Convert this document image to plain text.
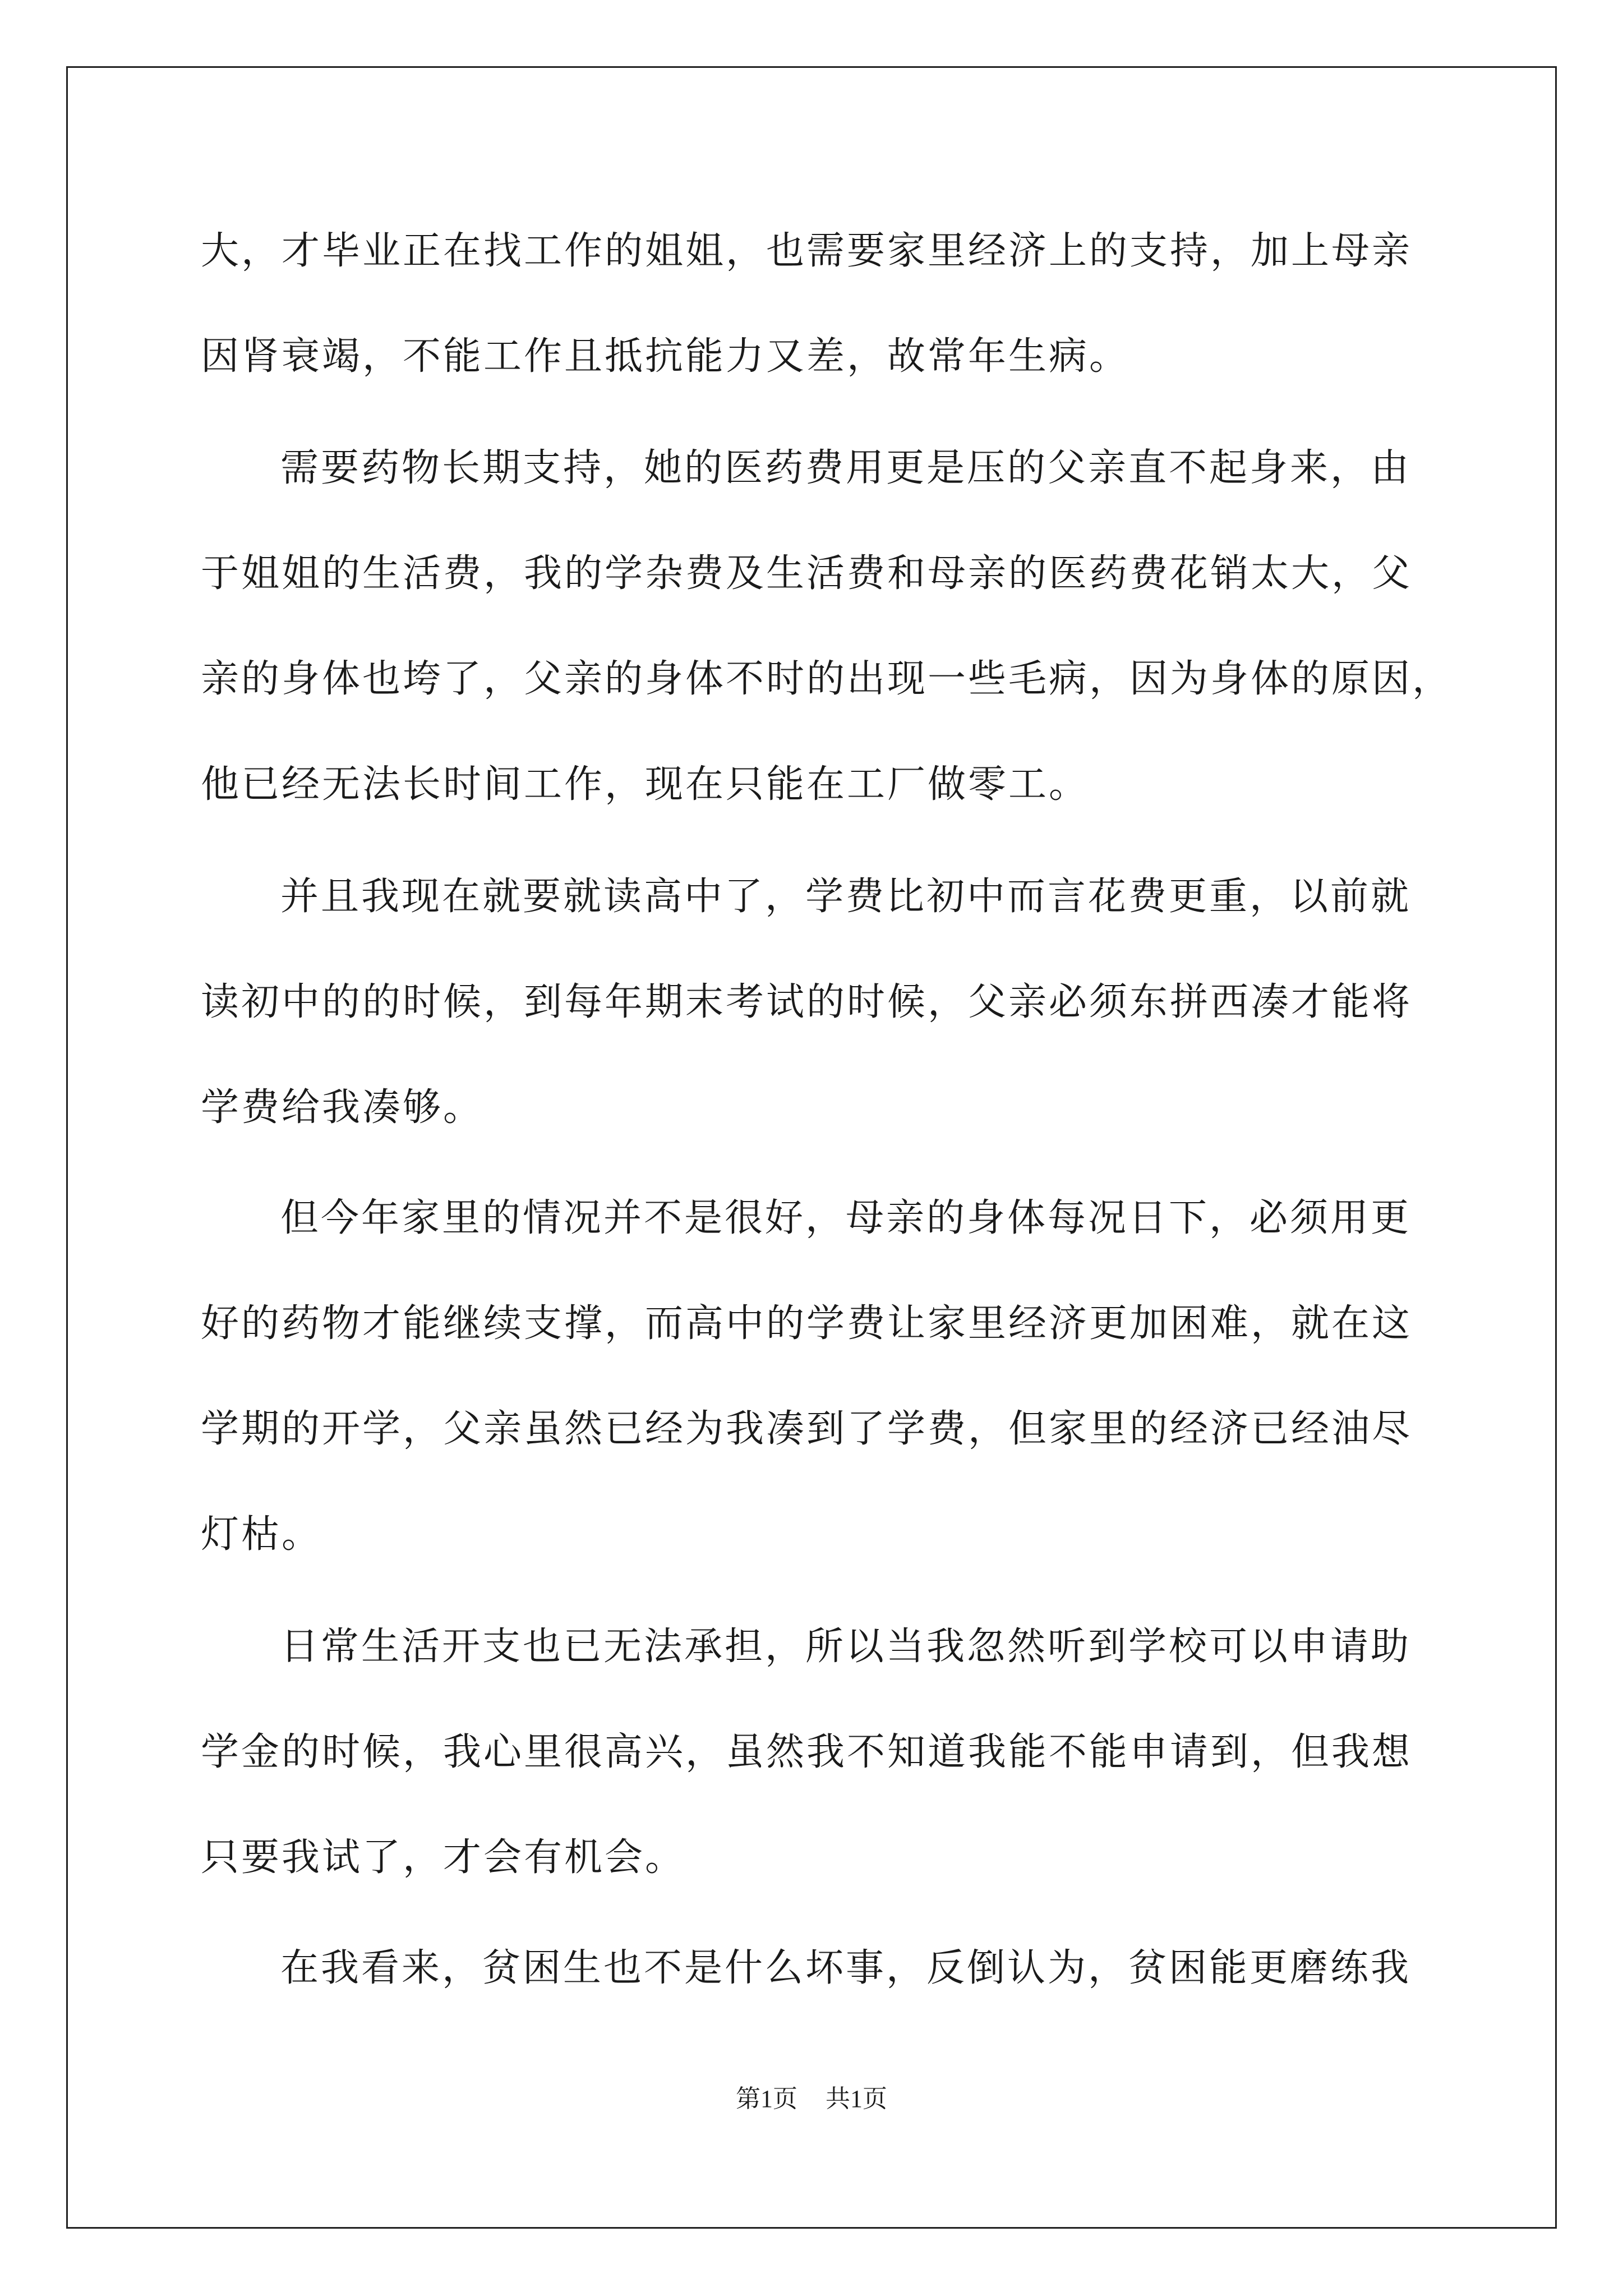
大，才毕业正在找工作的姐姐，也需要家里经济上的支持，加上母亲
因肾衰竭，不能工作且抵抗能力又差，故常年生病。
需要药物长期支持，她的医药费用更是压的父亲直不起身来，由
于姐姐的生活费，我的学杂费及生活费和母亲的医药费花销太大，父
亲的身体也垮了，父亲的身体不时的出现一些毛病，因为身体的原因，
他已经无法长时间工作，现在只能在工厂做零工。
并且我现在就要就读高中了，学费比初中而言花费更重，以前就
读初中的的时候，到每年期末考试的时候，父亲必须东拼西凑才能将
学费给我凑够。
但今年家里的情况并不是很好，母亲的身体每况日下，必须用更
好的药物才能继续支撑，而高中的学费让家里经济更加困难，就在这
学期的开学，父亲虽然已经为我凑到了学费，但家里的经济已经油尽
灯枯。
日常生活开支也已无法承担，所以当我忽然听到学校可以申请助
学金的时候，我心里很高兴，虽然我不知道我能不能申请到，但我想
只要我试了，才会有机会。
在我看来，贫困生也不是什么坏事，反倒认为，贫困能更磨练我
第1页 共1页
